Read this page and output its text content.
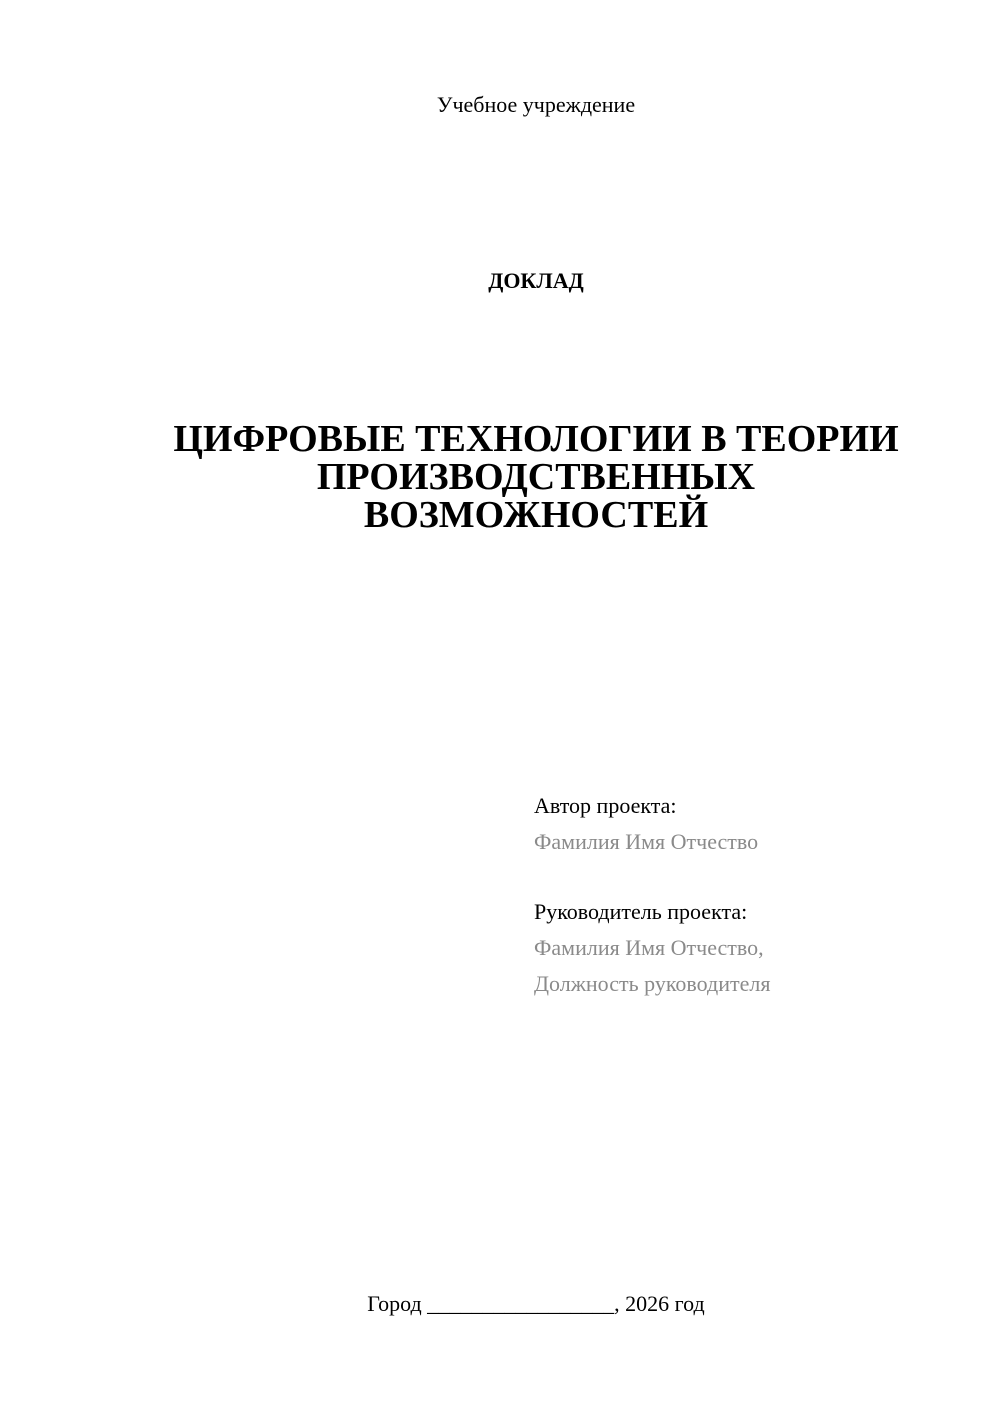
Учебное учреждение
ДОКЛАД
ЦИФРОВЫЕ ТЕХНОЛОГИИ В ТЕОРИИ
ПРОИЗВОДСТВЕННЫХ
ВОЗМОЖНОСТЕЙ
Автор проекта:
Фамилия Имя Отчество
Руководитель проекта:
Фамилия Имя Отчество,
Должность руководителя
Город _________________, 2026 год
